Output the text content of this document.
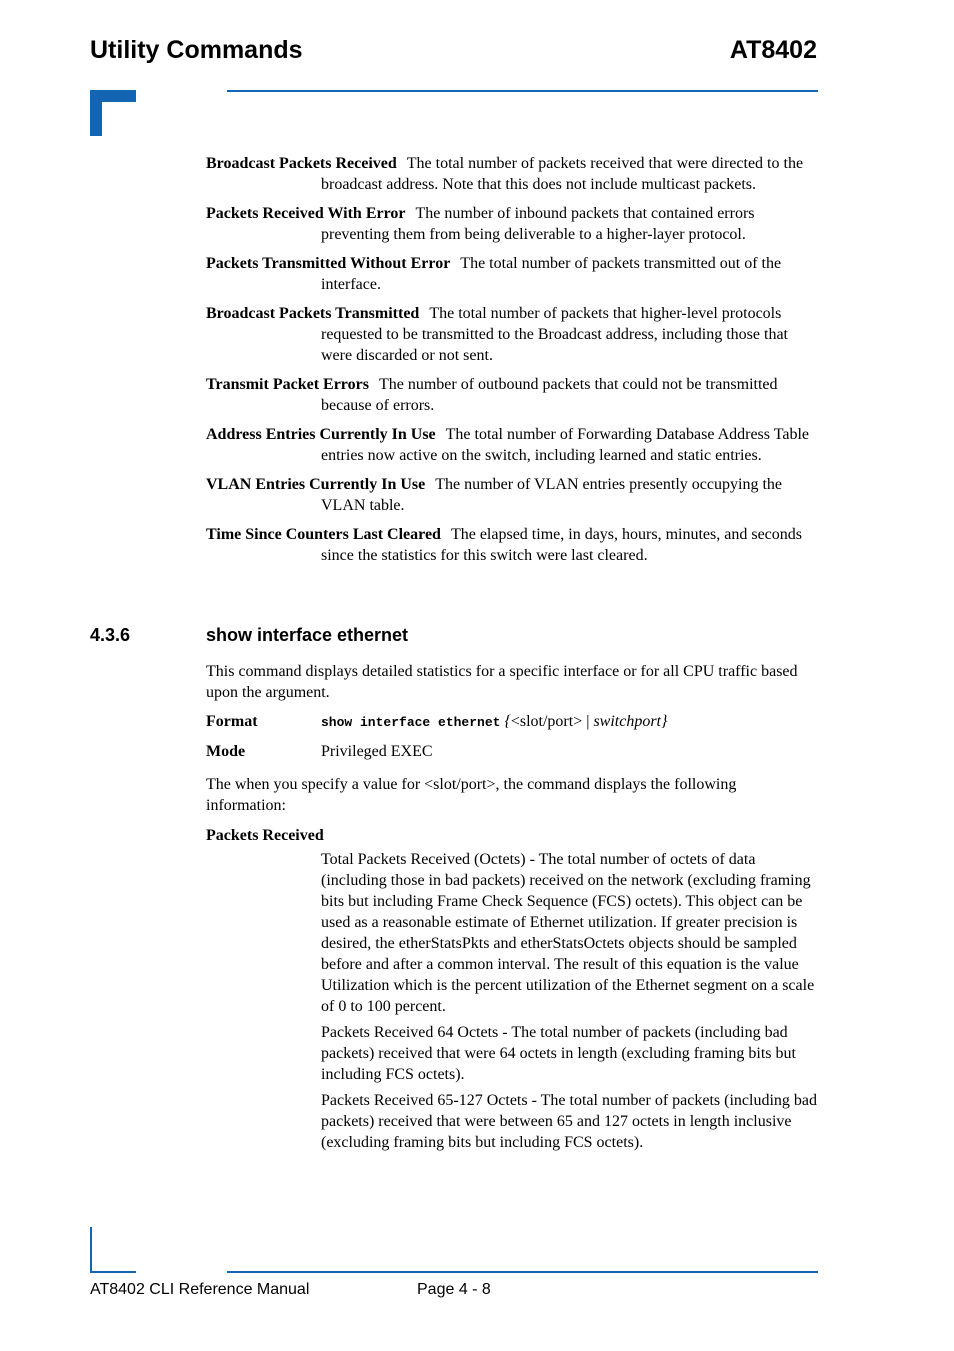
Utility Commands	AT8402

Broadcast Packets Received The total number of packets received that were directed to the broadcast address. Note that this does not include multicast packets.

Packets Received With Error The number of inbound packets that contained errors preventing them from being deliverable to a higher-layer protocol.

Packets Transmitted Without Error The total number of packets transmitted out of the interface.

Broadcast Packets Transmitted The total number of packets that higher-level protocols requested to be transmitted to the Broadcast address, including those that were discarded or not sent.

Transmit Packet Errors The number of outbound packets that could not be transmitted because of errors.

Address Entries Currently In Use The total number of Forwarding Database Address Table entries now active on the switch, including learned and static entries.

VLAN Entries Currently In Use The number of VLAN entries presently occupying the VLAN table.

Time Since Counters Last Cleared The elapsed time, in days, hours, minutes, and seconds since the statistics for this switch were last cleared.

4.3.6	show interface ethernet

This command displays detailed statistics for a specific interface or for all CPU traffic based upon the argument.

Format	show interface ethernet {<slot/port> | switchport}
Mode	Privileged EXEC

The when you specify a value for <slot/port>, the command displays the following information:

Packets Received

Total Packets Received (Octets) - The total number of octets of data (including those in bad packets) received on the network (excluding framing bits but including Frame Check Sequence (FCS) octets). This object can be used as a reasonable estimate of Ethernet utilization. If greater precision is desired, the etherStatsPkts and etherStatsOctets objects should be sampled before and after a common interval. The result of this equation is the value Utilization which is the percent utilization of the Ethernet segment on a scale of 0 to 100 percent.

Packets Received 64 Octets - The total number of packets (including bad packets) received that were 64 octets in length (excluding framing bits but including FCS octets).

Packets Received 65-127 Octets - The total number of packets (including bad packets) received that were between 65 and 127 octets in length inclusive (excluding framing bits but including FCS octets).

AT8402 CLI Reference Manual	Page 4 - 8
